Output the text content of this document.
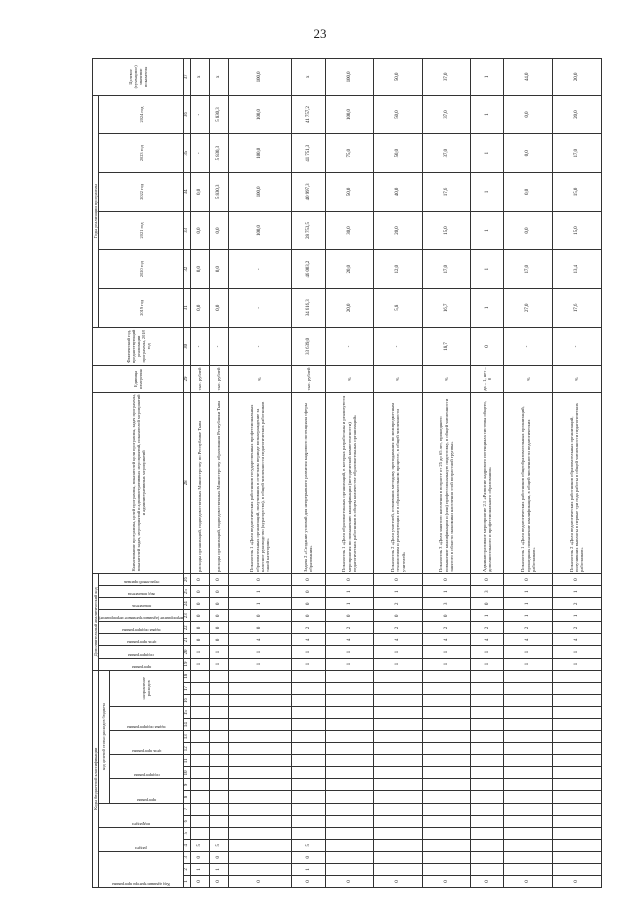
23
Коды бюджетной классификации																		Дополнительный аналитический код								Наименование программы, целей программы, показателей цели программы, задач программы, показателей задач, мероприятий и административных мероприятий, показателей мероприятий и административных мероприятий	Единица измерения	Фактический год, предшествующий реализации программы, 2018 год	Годы реализации программы						Целевое (суммарное) значение показателя

Код администратора программы			раздел		подраздел		код целевой статьи расходов бюджета											программа	подпрограмма	цель программы	задача подпрограммы	мероприятие (административное мероприятие)	показатель	вид показателя	отраслевой признак				2019 год	2020 год	2021 год	2022 год	2023 год	2024 год	

							программа		подпрограмма		цель программы		задача подпрограммы		направление расходов																				
1	2	3	4	5	6	7	8	9	10	11	12	13	14	15	16	17	18	19	20	21	22	23	24	25	26	28	29	30	31	32	33	34	35	36	37
0	1	0	5															1	1	0	0	0	0	0	0	расходы организаций, подведомственных Министерству по Республике Тыва	тыс. рублей	-	0,0	0,0	0,0	0,0	-	-	х
0	1	0	5															1	1	0	0	0	0	0	0	расходы организаций, подведомственных Министерству образования Республики Тыва	тыс. рублей	-	0,0	0,0	0,0	5 830,3	5 830,3	5 830,3	х
0																		1	1	4	0	0	1	1	0	Показатель 1 «Доля педагогических работников государственных профессиональных образовательных организаций, получивших в отчетном периоде вознаграждение за классное руководство (кураторство), в общей численности педагогических работников такой категории»	%	-	-	-	100,0	100,0	100,0	100,0	100,0
0	1	0	5															1	1	4	2	0	0	0	0	Задача 2 «Создание условий для непрерывного развития кадрового потенциала сферы образования»	тыс. рублей	33 639,0	34 616,3	46 003,2	28 753,5	40 997,3	41 751,3	41 757,2	х
0																		1	1	4	2	0	1	1	0	Показатель 1 «Доля образовательных организаций, в которых разработаны и реализуются мероприятия по повышению квалификации (методической компетентности) педагогических работников в общем количестве образовательных организаций»	%	-	20,0	20,0	30,0	50,0	75,0	100,0	100,0
0																		1	1	4	2	0	2	1	0	Показатель 2 «Доля учителей, освоивших методику преподавания по межпредметным технологиям и реализующих ее в образовательном процессе, в общей численности учителей»	%	-	5,8	12,0	20,0	40,0	50,0	50,0	50,0
0																		1	1	4	2	0	3	1	0	Показатель 3 «Доля занятого населения в возрасте от 25 до 65 лет, прошедшего повышение квалификации и (или) профессиональную подготовку, в общей численности занятого в области экономики населения этой возрастной группы»	%	18,7	16,7	17,0	15,0	17,6	37,0	37,0	37,0
0																		1	1	4	2	1	0	3	0	Административное мероприятие 2.1 «Развитие кадрового потенциала системы общего, дополнительного и профессионального образования»	да – 1, нет – 0	0	1	1	1	1	1	1	1
0																		1	1	4	2	1	1	1	0	Показатель 1 «Доля педагогических работников общеобразовательных организаций, прошедших повышение квалификации, в общей численности педагогических работников»	%	-	27,0	17,0	0,0	0,0	0,0	0,0	44,0
0																		1	1	4	2	1	2	1	0	Показатель 2 «Доля педагогических работников образовательных организаций, получивших выплаты в первые три года работы в общей численности педагогических работников»	%	-	17,6	13,4	15,0	15,0	17,0	20,0	20,0
